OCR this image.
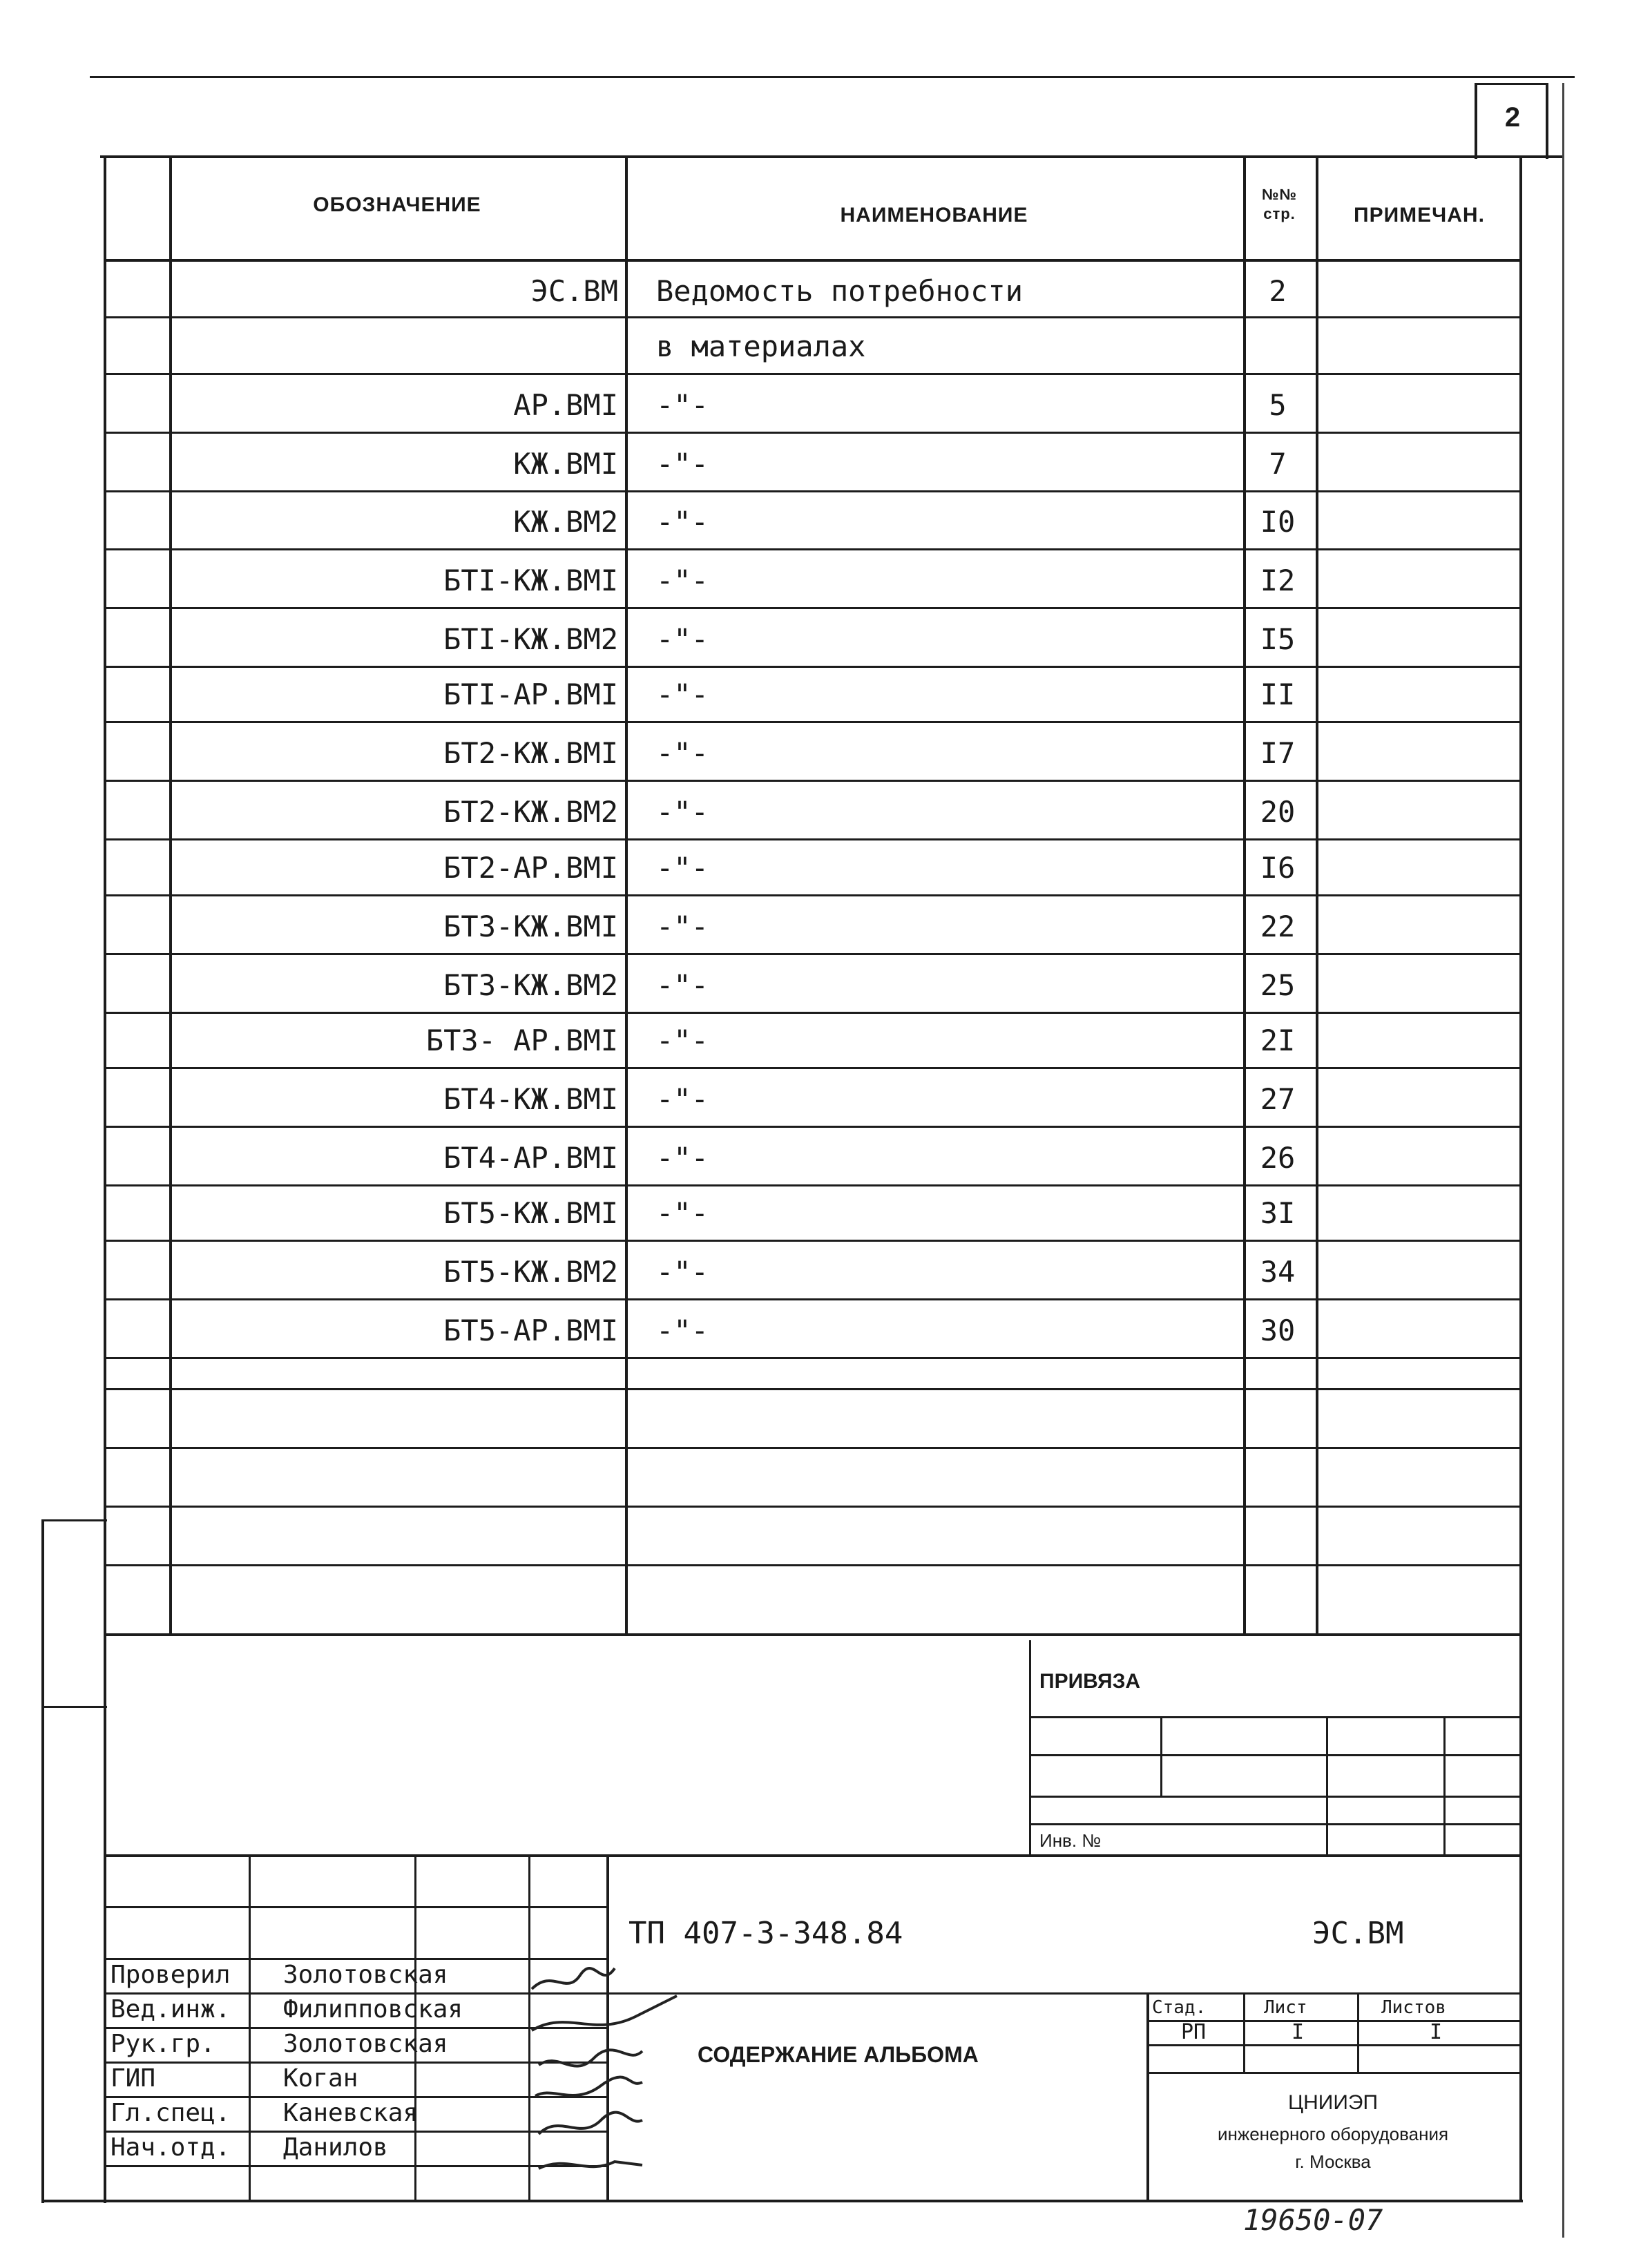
2
ОБОЗНАЧЕНИЕ	НАИМЕНОВАНИЕ
№№
стр.	ПРИМЕЧАН.
ЭС.ВМ Ведомость потребности	2
в материалах
АР.ВМI -"-	5
КЖ.ВМI -"-	7
КЖ.ВМ2 -"-	I0
БТI-КЖ.ВМI -"-	I2
БТI-КЖ.ВМ2 -"-	I5
БТI-АР.ВМI -"-	II
БТ2-КЖ.ВМI -"-	I7
БТ2-КЖ.ВМ2 -"-	20
БТ2-АР.ВМI -"-	I6
БТ3-КЖ.ВМI -"-	22
БТ3-КЖ.ВМ2 -"-	25
БТ3- АР.ВМI -"-	2I
БТ4-КЖ.ВМI -"-	27
БТ4-АР.ВМI -"-	26
БТ5-КЖ.ВМI -"-	3I
БТ5-КЖ.ВМ2 -"-	34
БТ5-АР.ВМI -"-	30
ПРИВЯЗА
Инв. №
ТП 407-3-348.84	ЭС.ВМ
СОДЕРЖАНИЕ АЛЬБОМА
Стад.	Лист	Листов
РП	I	I
ЦНИИЭП
инженерного оборудования
г. Москва
Проверил Золотовская
Вед.инж. Филипповская
Рук.гр.	Золотовская
ГИП	Коган
Гл.спец. Каневская
Нач.отд. Данилов
19650-07
